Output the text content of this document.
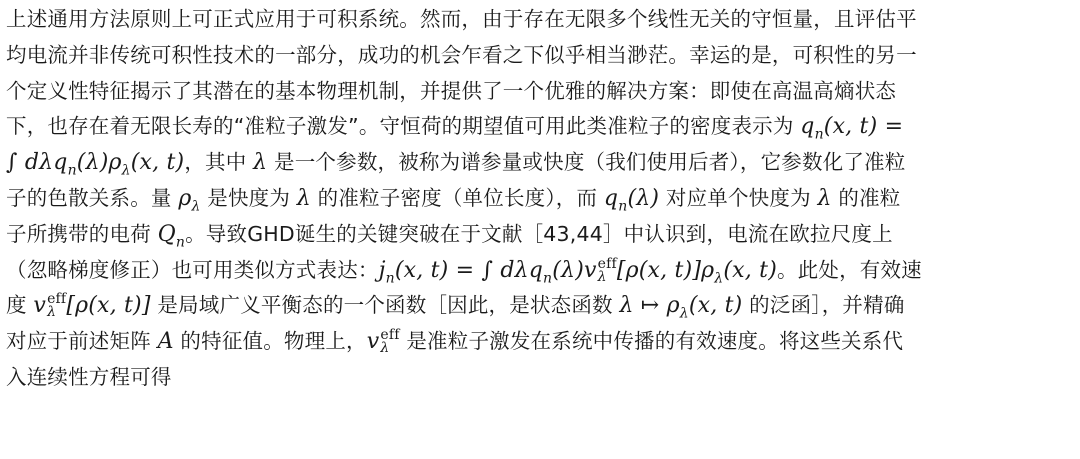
上述通用方法原则上可正式应用于可积系统。然而，由于存在无限多个线性无关的守恒量，且评估平
均电流并非传统可积性技术的一部分，成功的机会乍看之下似乎相当渺茫。幸运的是，可积性的另一
个定义性特征揭示了其潜在的基本物理机制，并提供了一个优雅的解决方案：即使在高温高熵状态
下，也存在着无限长寿的“准粒子激发”。守恒荷的期望值可用此类准粒子的密度表示为 $q_n(x$, t) =
∫ $d\lambda q_n(\lambda)\rho_\lambda(x$, t)，其中 λ 是一个参数，被称为谱参量或快度（我们使用后者），它参数化了准粒
子的色散关系。量 $\rho_\lambda$ 是快度为 λ 的准粒子密度（单位长度），而 $q_n(\lambda)$ 对应单个快度为 λ 的准粒
子所携带的电荷 $Q_n$。导致GHD诞生的关键突破在于文献［43,44］中认识到，电流在欧拉尺度上
（忽略梯度修正）也可用类似方式表达：$j_n(x$, t) = ∫ dλq$_n$(λ)v eff
λ [ρ(x, $t)]\rho_\lambda(x$, t)。此处，有效速
度 v eff
λ [ρ(x, t)] 是局域广义平衡态的一个函数［因此，是状态函数 λ ↦ $\rho_\lambda(x$, t) 的泛函］，并精确
对应于前述矩阵 A 的特征值。物理上，v eff
λ 是准粒子激发在系统中传播的有效速度。将这些关系代
入连续性方程可得
